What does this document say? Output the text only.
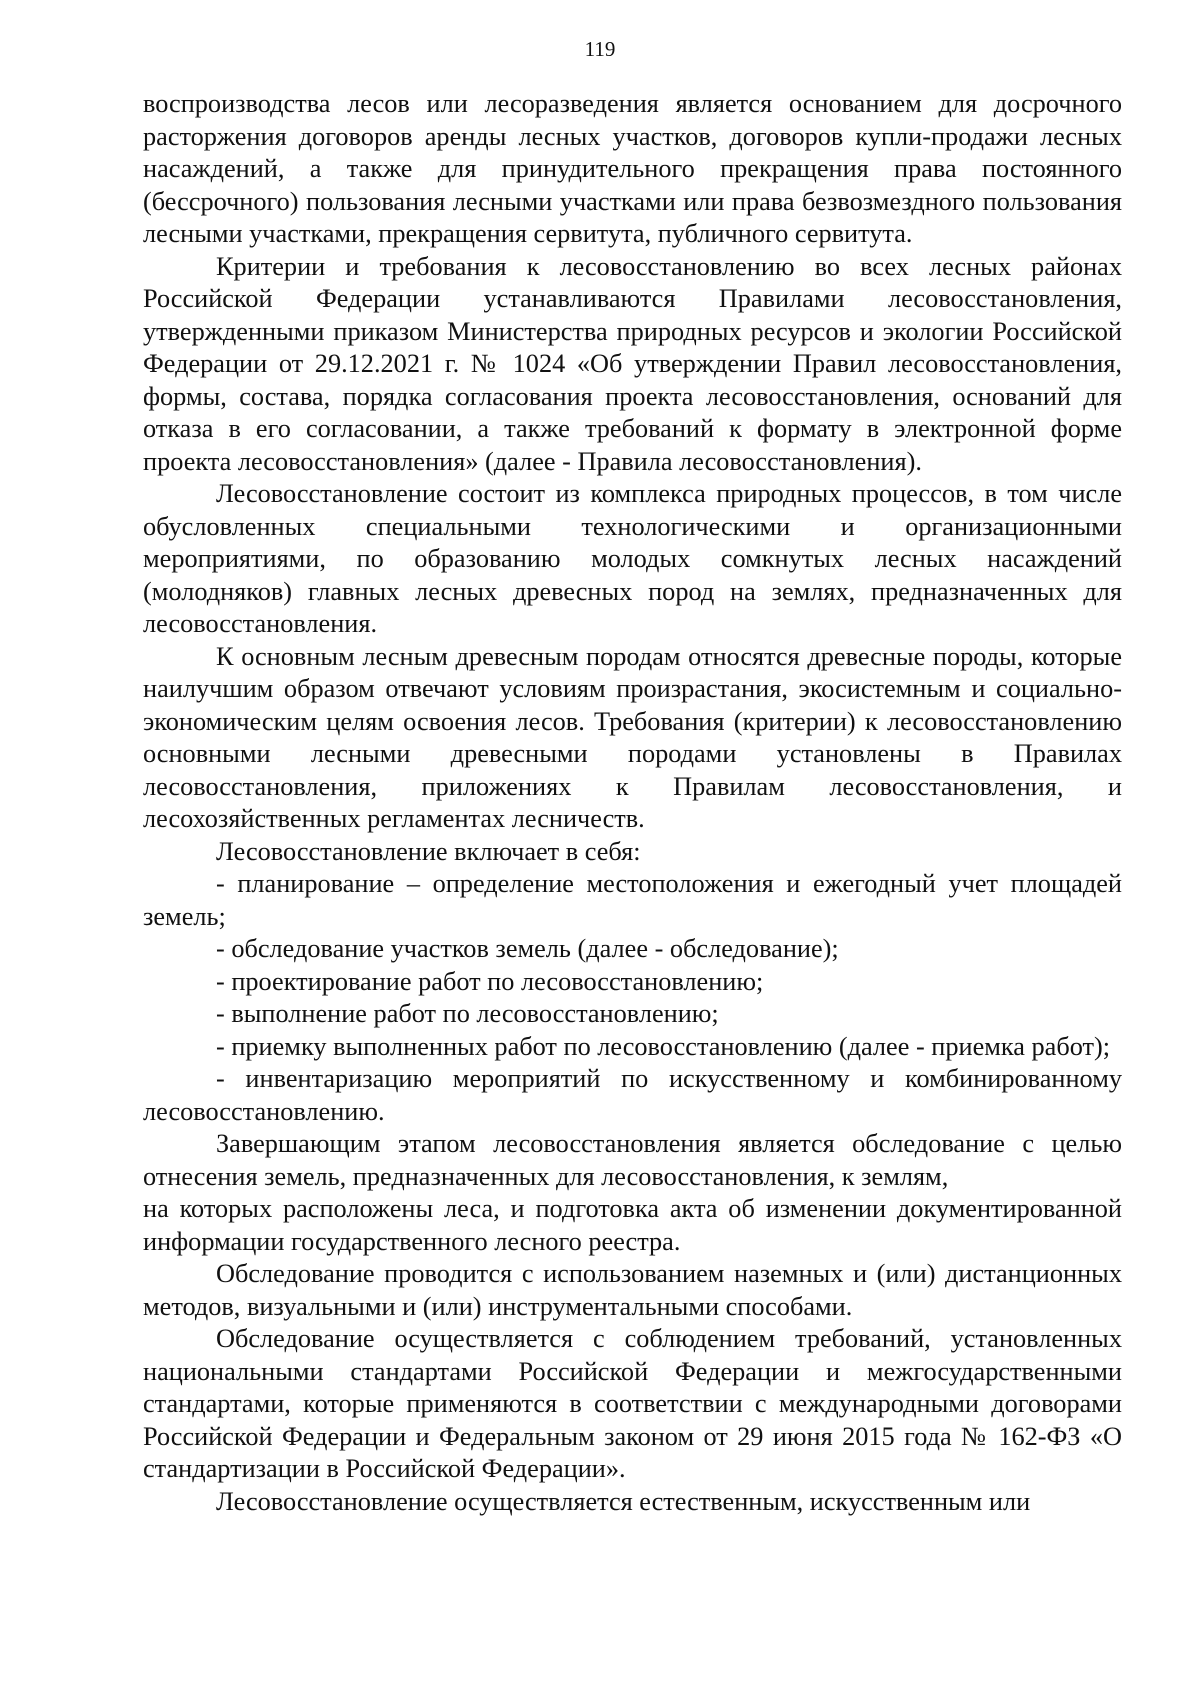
119

воспроизводства лесов или лесоразведения является основанием для досрочного расторжения договоров аренды лесных участков, договоров купли-продажи лесных насаждений, а также для принудительного прекращения права постоянного (бессрочного) пользования лесными участками или права безвозмездного пользования лесными участками, прекращения сервитута, публичного сервитута.

Критерии и требования к лесовосстановлению во всех лесных районах Российской Федерации устанавливаются Правилами лесовосстановления, утвержденными приказом Министерства природных ресурсов и экологии Российской Федерации от 29.12.2021 г. № 1024 «Об утверждении Правил лесовосстановления, формы, состава, порядка согласования проекта лесовосстановления, оснований для отказа в его согласовании, а также требований к формату в электронной форме проекта лесовосстановления» (далее - Правила лесовосстановления).

Лесовосстановление состоит из комплекса природных процессов, в том числе обусловленных специальными технологическими и организационными мероприятиями, по образованию молодых сомкнутых лесных насаждений (молодняков) главных лесных древесных пород на землях, предназначенных для лесовосстановления.

К основным лесным древесным породам относятся древесные породы, которые наилучшим образом отвечают условиям произрастания, экосистемным и социально-экономическим целям освоения лесов. Требования (критерии) к лесовосстановлению основными лесными древесными породами установлены в Правилах лесовосстановления, приложениях к Правилам лесовосстановления, и лесохозяйственных регламентах лесничеств.

Лесовосстановление включает в себя:

- планирование – определение местоположения и ежегодный учет площадей земель;

- обследование участков земель (далее - обследование);

- проектирование работ по лесовосстановлению;

- выполнение работ по лесовосстановлению;

- приемку выполненных работ по лесовосстановлению (далее - приемка работ);

- инвентаризацию мероприятий по искусственному и комбинированному лесовосстановлению.

Завершающим этапом лесовосстановления является обследование с целью отнесения земель, предназначенных для лесовосстановления, к землям,

на которых расположены леса, и подготовка акта об изменении документированной информации государственного лесного реестра.

Обследование проводится с использованием наземных и (или) дистанционных методов, визуальными и (или) инструментальными способами.

Обследование осуществляется с соблюдением требований, установленных национальными стандартами Российской Федерации и межгосударственными стандартами, которые применяются в соответствии с международными договорами Российской Федерации и Федеральным законом от 29 июня 2015 года № 162-ФЗ «О стандартизации в Российской Федерации».

Лесовосстановление осуществляется естественным, искусственным или
